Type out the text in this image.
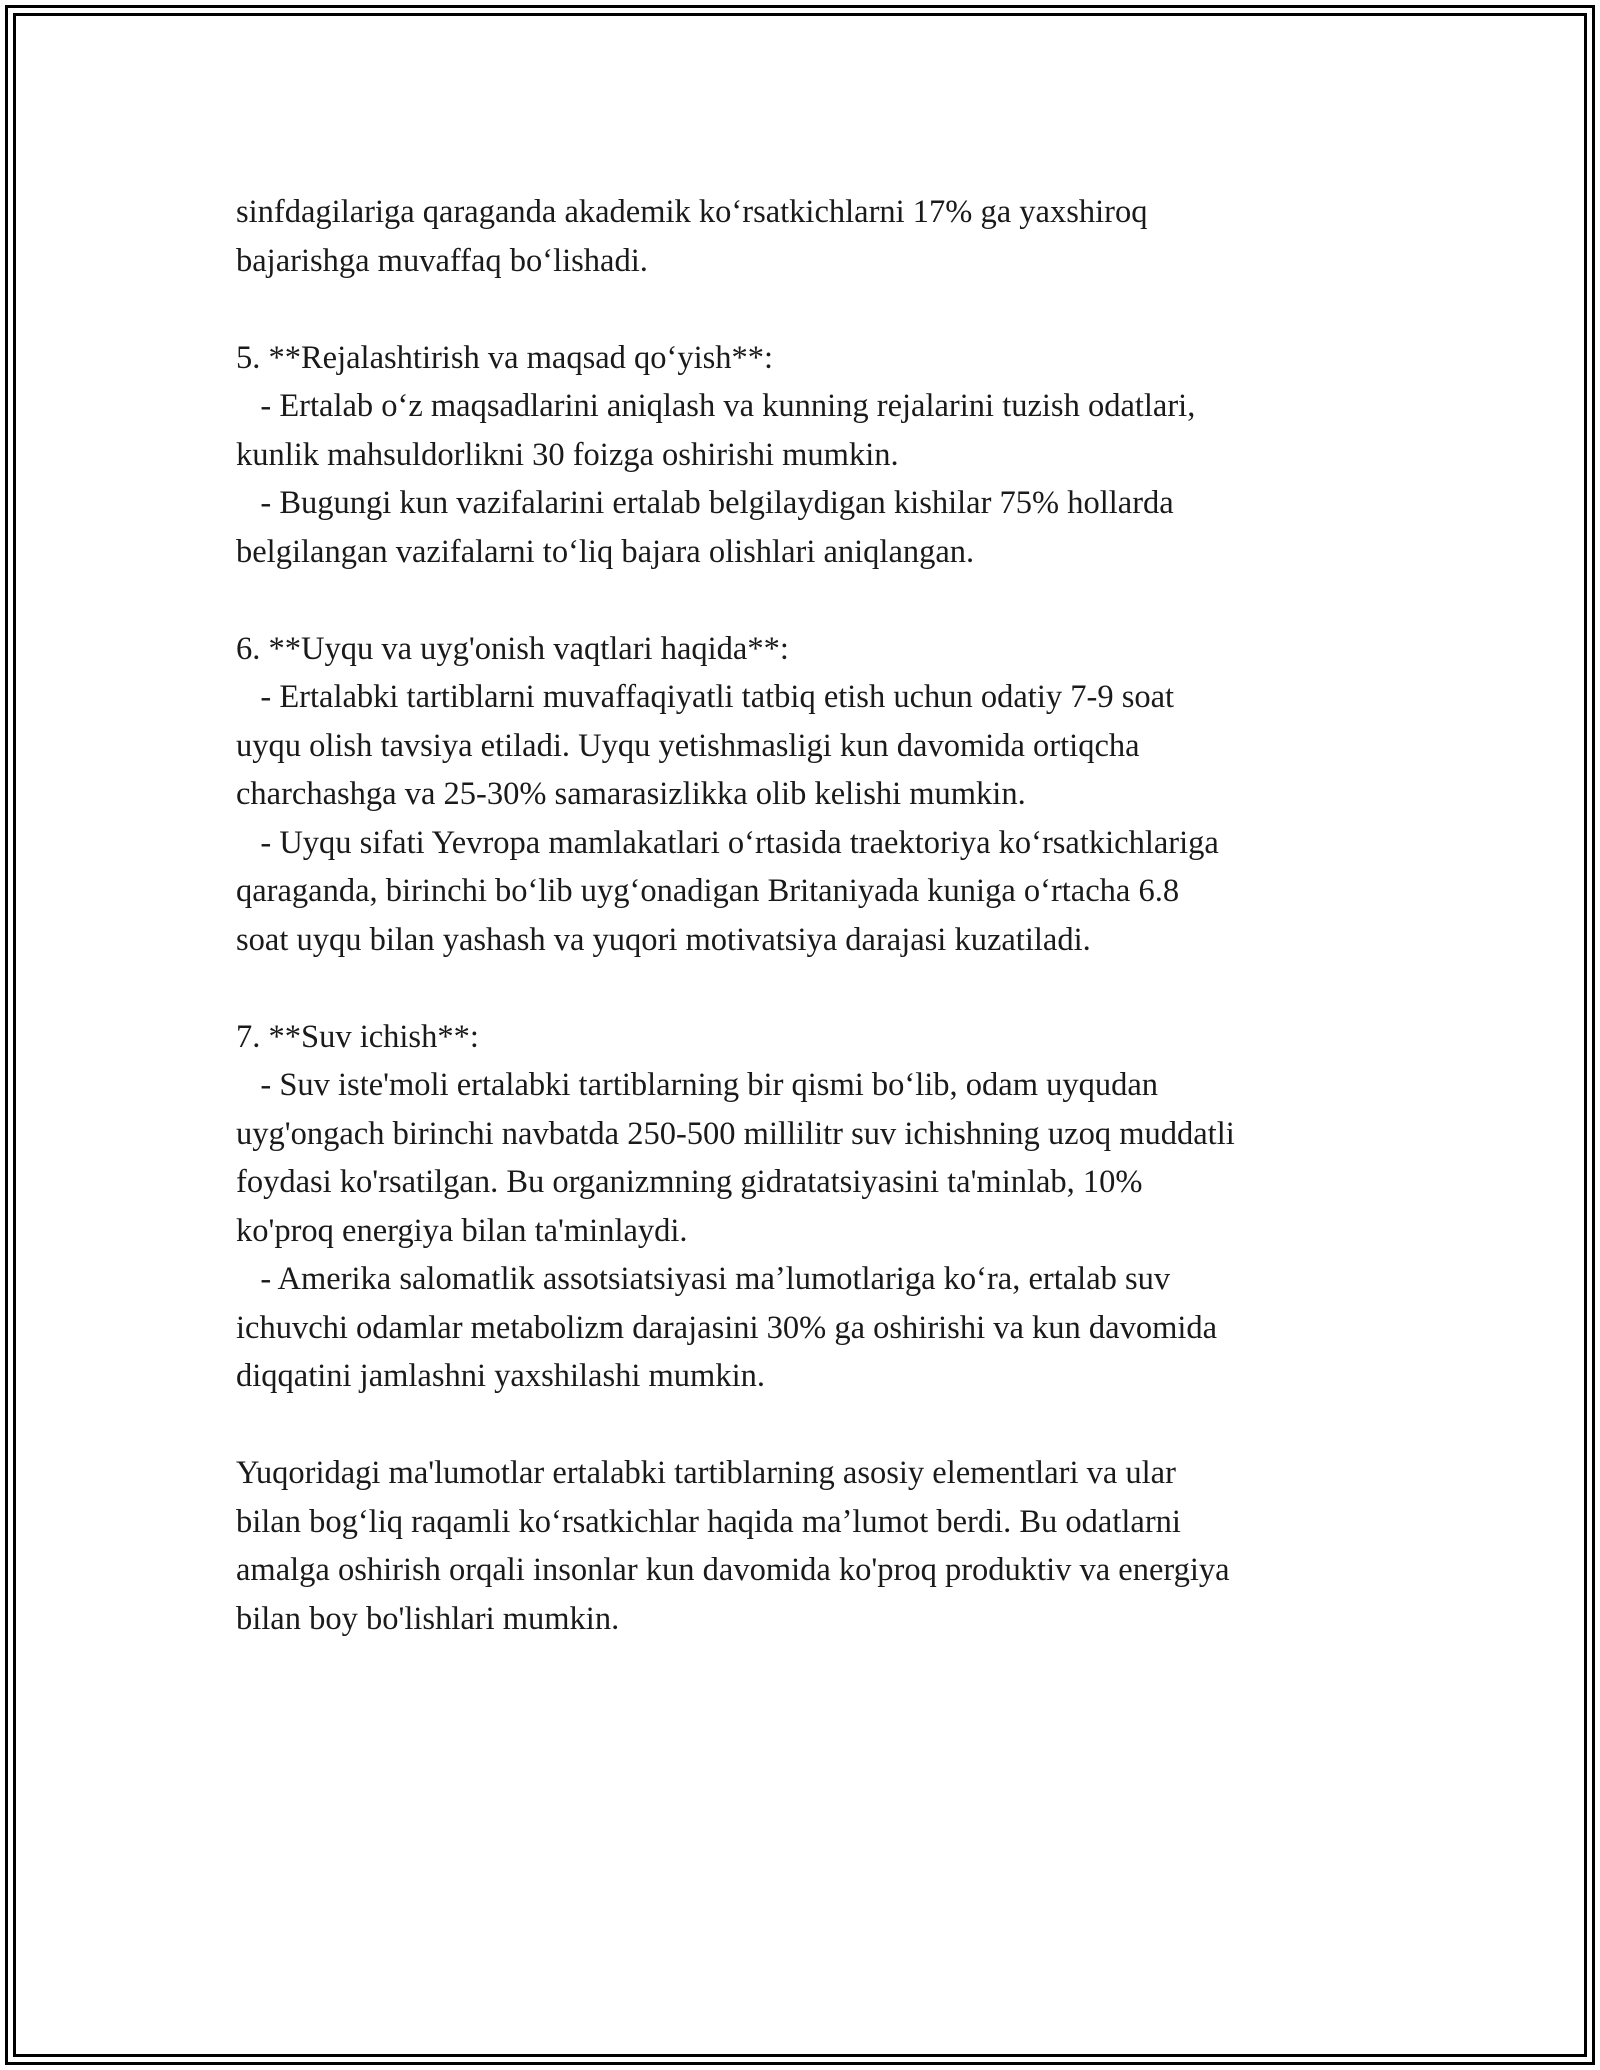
sinfdagilariga qaraganda akademik koʻrsatkichlarni 17% ga yaxshiroq
bajarishga muvaffaq boʻlishadi.
5. **Rejalashtirish va maqsad qoʻyish**:
- Ertalab oʻz maqsadlarini aniqlash va kunning rejalarini tuzish odatlari,
kunlik mahsuldorlikni 30 foizga oshirishi mumkin.
- Bugungi kun vazifalarini ertalab belgilaydigan kishilar 75% hollarda
belgilangan vazifalarni toʻliq bajara olishlari aniqlangan.
6. **Uyqu va uyg'onish vaqtlari haqida**:
- Ertalabki tartiblarni muvaffaqiyatli tatbiq etish uchun odatiy 7-9 soat
uyqu olish tavsiya etiladi. Uyqu yetishmasligi kun davomida ortiqcha
charchashga va 25-30% samarasizlikka olib kelishi mumkin.
- Uyqu sifati Yevropa mamlakatlari oʻrtasida traektoriya koʻrsatkichlariga
qaraganda, birinchi boʻlib uygʻonadigan Britaniyada kuniga oʻrtacha 6.8
soat uyqu bilan yashash va yuqori motivatsiya darajasi kuzatiladi.
7. **Suv ichish**:
- Suv iste'moli ertalabki tartiblarning bir qismi boʻlib, odam uyqudan
uyg'ongach birinchi navbatda 250-500 millilitr suv ichishning uzoq muddatli
foydasi ko'rsatilgan. Bu organizmning gidratatsiyasini ta'minlab, 10%
ko'proq energiya bilan ta'minlaydi.
- Amerika salomatlik assotsiatsiyasi maʼlumotlariga koʻra, ertalab suv
ichuvchi odamlar metabolizm darajasini 30% ga oshirishi va kun davomida
diqqatini jamlashni yaxshilashi mumkin.
Yuqoridagi ma'lumotlar ertalabki tartiblarning asosiy elementlari va ular
bilan bogʻliq raqamli koʻrsatkichlar haqida maʼlumot berdi. Bu odatlarni
amalga oshirish orqali insonlar kun davomida ko'proq produktiv va energiya
bilan boy bo'lishlari mumkin.
